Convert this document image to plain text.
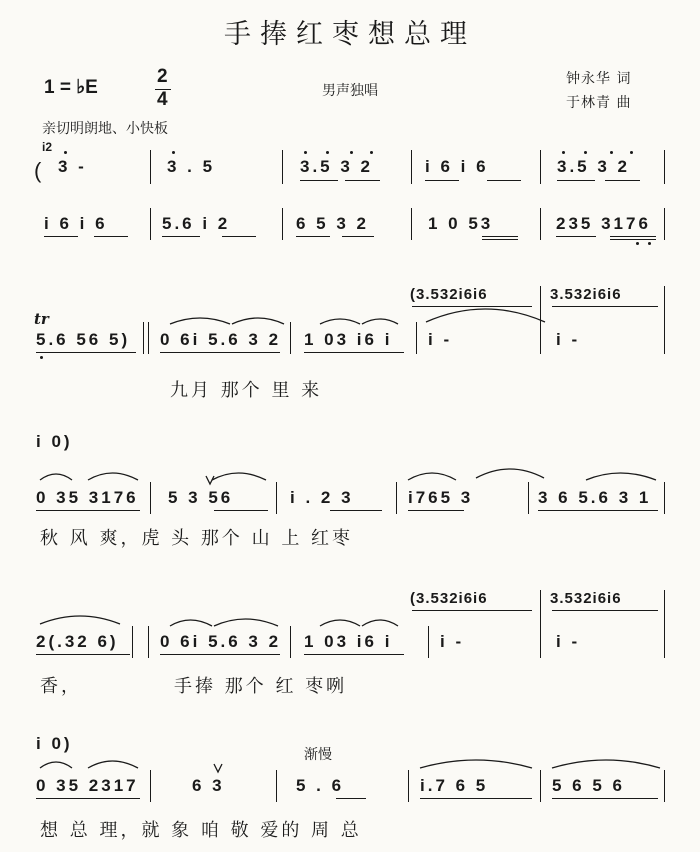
手捧红枣想总理
1 = ♭E
2
4	男声独唱
钟永华 词
于林青 曲
亲切明朗地、小快板
i2
( 3 -	3 . 5	3.5 3 2	i 6 i 6	3.5 3 2
i 6 i 6	5.6 i 2	6 5 3 2	1 0 53	235 3176
(3.532i6i6	3.532i6i6
tr
5.6 56 5) 0 6i 5.6 3 2 1 03 i6 i i -	i -
九月 那个 里 来
i 0)
0 35 3176 5 3 56	i . 2 3	i765 3	3 6 5.6 3 1
秋 风 爽，虎 头 那个 山 上 红枣
(3.532i6i6	3.532i6i6
2(.32 6) 0 6i 5.6 3 2 1 03 i6 i	i -	i -
香，	手捧 那个 红 枣咧
i 0)
渐慢
0 35 2317	6 3	5 . 6	i.7 6 5	5 6 5 6
想 总 理，就 象 咱 敬 爱的 周 总
